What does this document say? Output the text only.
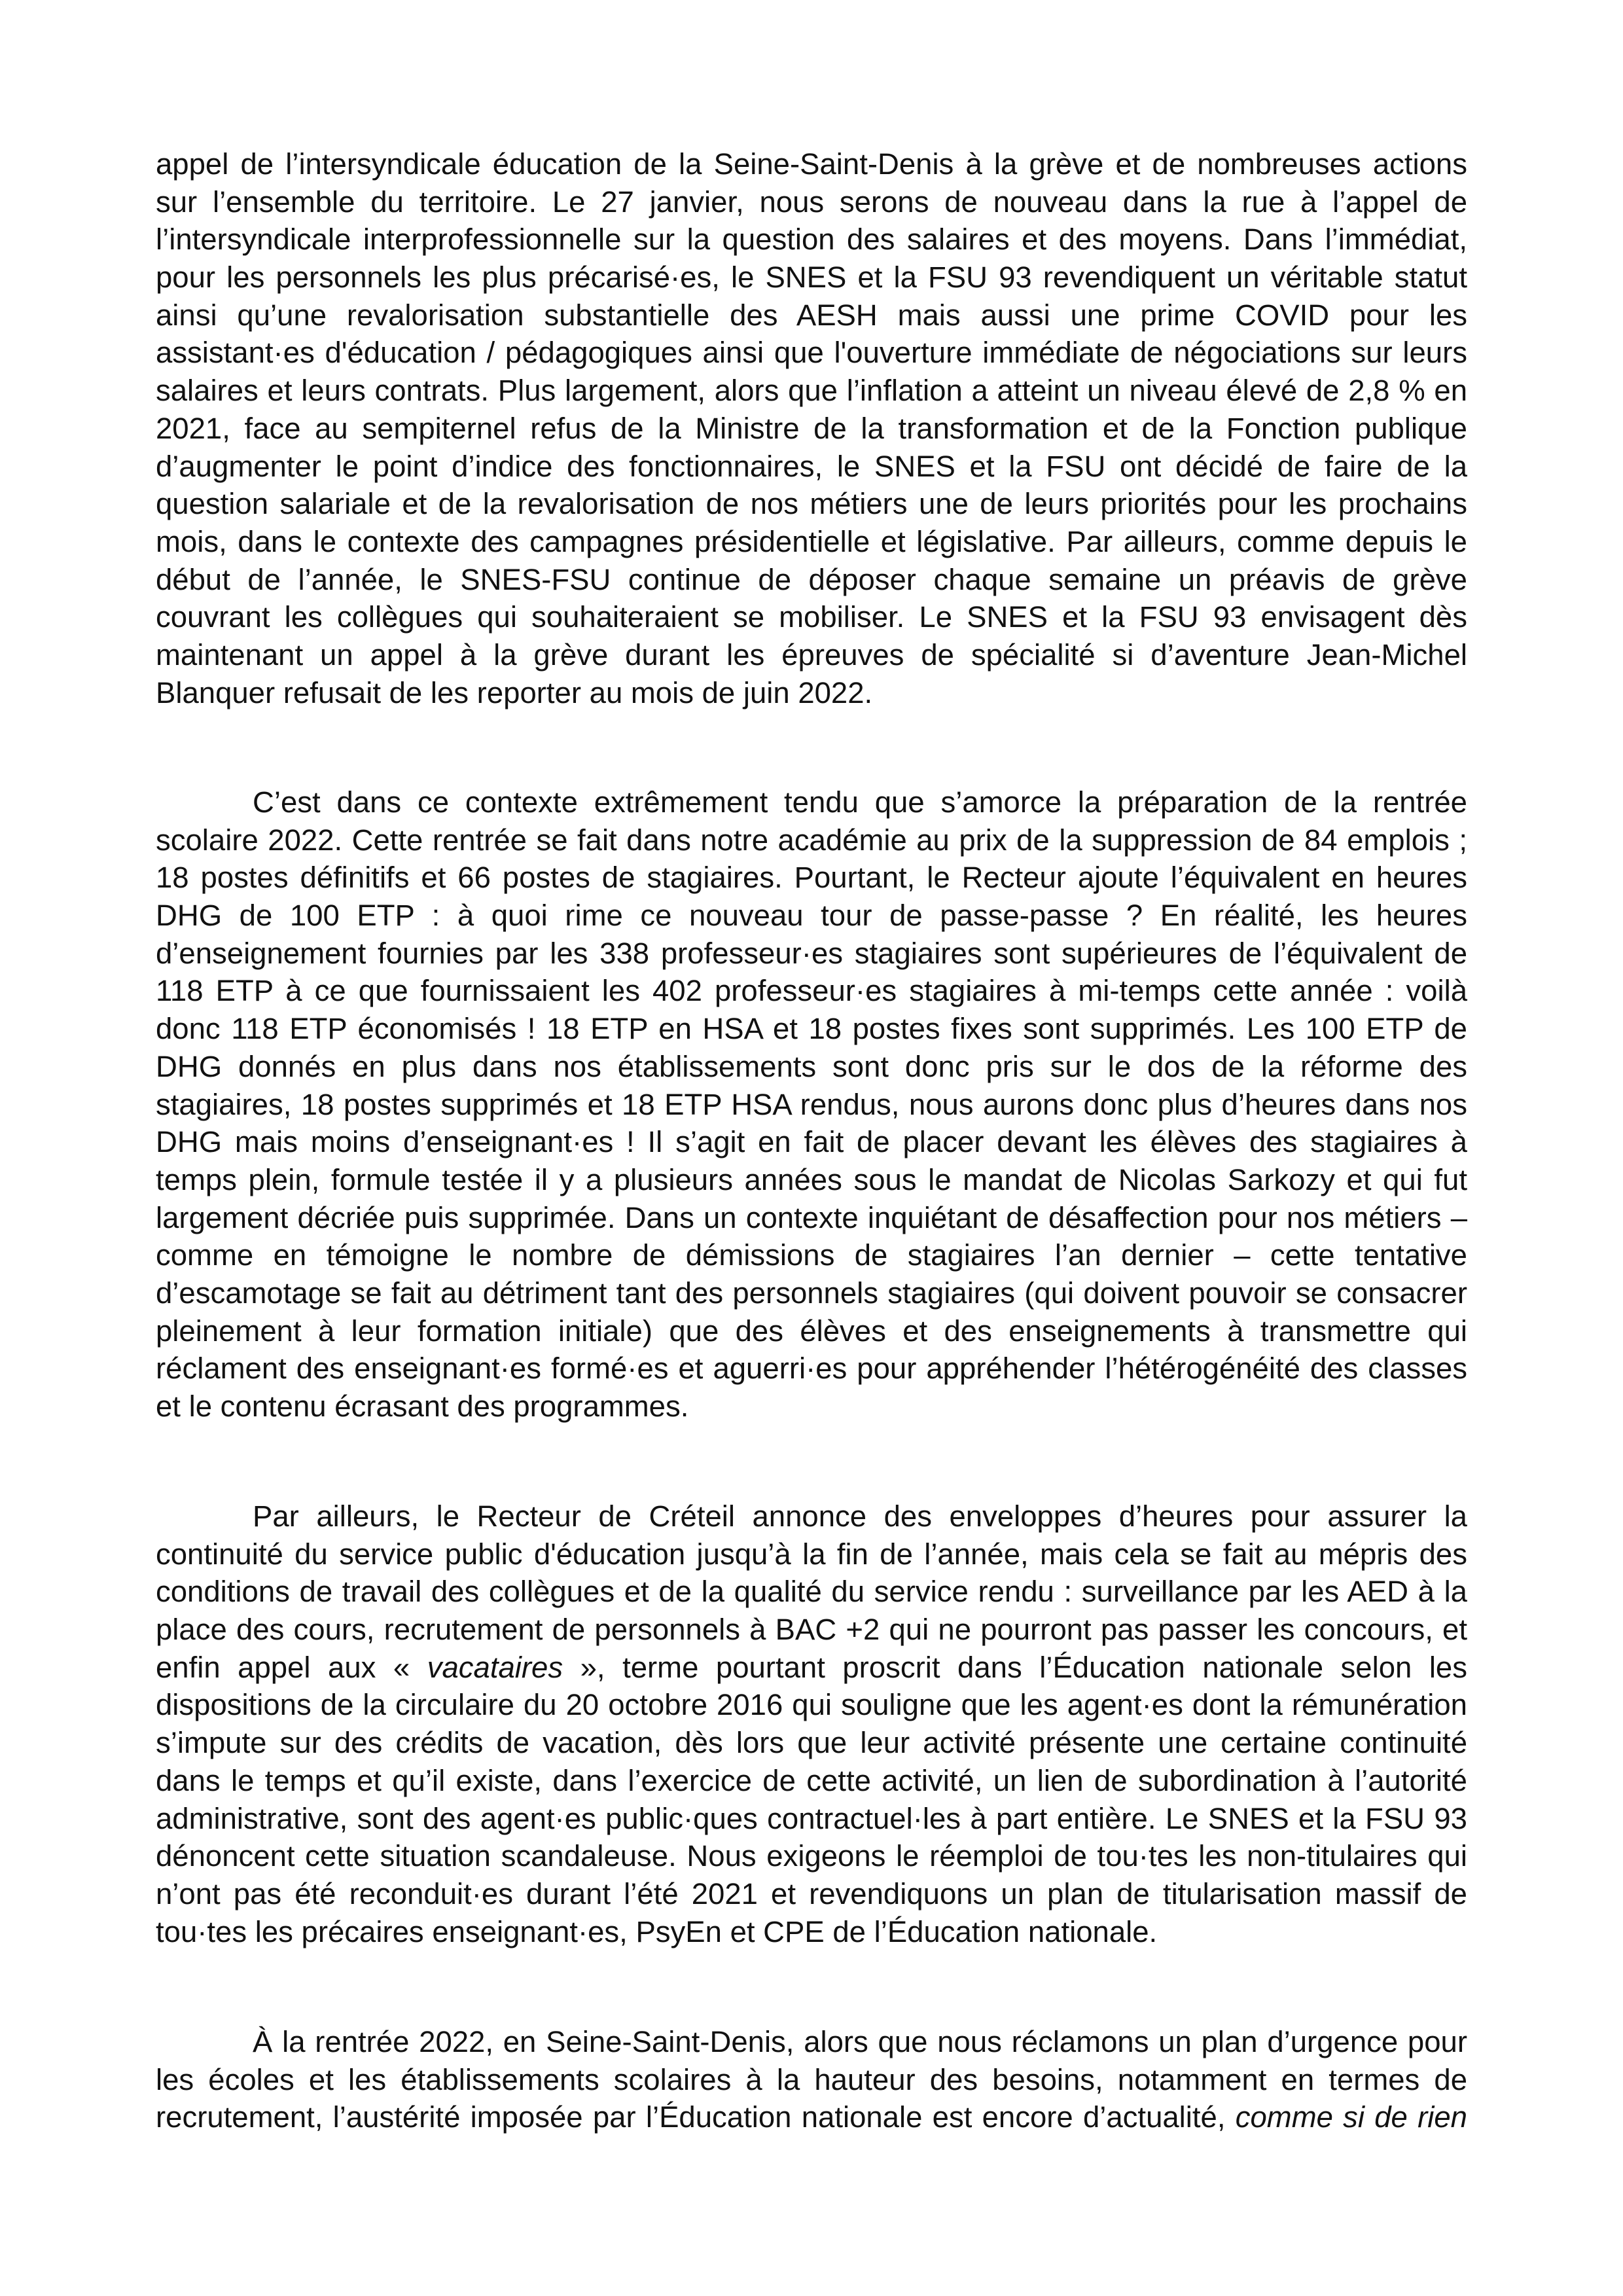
appel de l’intersyndicale éducation de la Seine-Saint-Denis à la grève et de nombreuses actions
sur l’ensemble du territoire. Le 27 janvier, nous serons de nouveau dans la rue à l’appel de
l’intersyndicale interprofessionnelle sur la question des salaires et des moyens. Dans l’immédiat,
pour les personnels les plus précarisé·es, le SNES et la FSU 93 revendiquent un véritable statut
ainsi qu’une revalorisation substantielle des AESH mais aussi une prime COVID pour les
assistant·es d'éducation / pédagogiques ainsi que l'ouverture immédiate de négociations sur leurs
salaires et leurs contrats. Plus largement, alors que l’inflation a atteint un niveau élevé de 2,8 % en
2021, face au sempiternel refus de la Ministre de la transformation et de la Fonction publique
d’augmenter le point d’indice des fonctionnaires, le SNES et la FSU ont décidé de faire de la
question salariale et de la revalorisation de nos métiers une de leurs priorités pour les prochains
mois, dans le contexte des campagnes présidentielle et législative. Par ailleurs, comme depuis le
début de l’année, le SNES-FSU continue de déposer chaque semaine un préavis de grève
couvrant les collègues qui souhaiteraient se mobiliser. Le SNES et la FSU 93 envisagent dès
maintenant un appel à la grève durant les épreuves de spécialité si d’aventure Jean-Michel
Blanquer refusait de les reporter au mois de juin 2022.
C’est dans ce contexte extrêmement tendu que s’amorce la préparation de la rentrée
scolaire 2022. Cette rentrée se fait dans notre académie au prix de la suppression de 84 emplois ;
18 postes définitifs et 66 postes de stagiaires. Pourtant, le Recteur ajoute l’équivalent en heures
DHG de 100 ETP : à quoi rime ce nouveau tour de passe-passe ? En réalité, les heures
d’enseignement fournies par les 338 professeur·es stagiaires sont supérieures de l’équivalent de
118 ETP à ce que fournissaient les 402 professeur·es stagiaires à mi-temps cette année : voilà
donc 118 ETP économisés ! 18 ETP en HSA et 18 postes fixes sont supprimés. Les 100 ETP de
DHG donnés en plus dans nos établissements sont donc pris sur le dos de la réforme des
stagiaires, 18 postes supprimés et 18 ETP HSA rendus, nous aurons donc plus d’heures dans nos
DHG mais moins d’enseignant·es ! Il s’agit en fait de placer devant les élèves des stagiaires à
temps plein, formule testée il y a plusieurs années sous le mandat de Nicolas Sarkozy et qui fut
largement décriée puis supprimée. Dans un contexte inquiétant de désaffection pour nos métiers –
comme en témoigne le nombre de démissions de stagiaires l’an dernier – cette tentative
d’escamotage se fait au détriment tant des personnels stagiaires (qui doivent pouvoir se consacrer
pleinement à leur formation initiale) que des élèves et des enseignements à transmettre qui
réclament des enseignant·es formé·es et aguerri·es pour appréhender l’hétérogénéité des classes
et le contenu écrasant des programmes.
Par ailleurs, le Recteur de Créteil annonce des enveloppes d’heures pour assurer la
continuité du service public d'éducation jusqu’à la fin de l’année, mais cela se fait au mépris des
conditions de travail des collègues et de la qualité du service rendu : surveillance par les AED à la
place des cours, recrutement de personnels à BAC +2 qui ne pourront pas passer les concours, et
enfin appel aux « vacataires », terme pourtant proscrit dans l’Éducation nationale selon les
dispositions de la circulaire du 20 octobre 2016 qui souligne que les agent·es dont la rémunération
s’impute sur des crédits de vacation, dès lors que leur activité présente une certaine continuité
dans le temps et qu’il existe, dans l’exercice de cette activité, un lien de subordination à l’autorité
administrative, sont des agent·es public·ques contractuel·les à part entière. Le SNES et la FSU 93
dénoncent cette situation scandaleuse. Nous exigeons le réemploi de tou·tes les non-titulaires qui
n’ont pas été reconduit·es durant l’été 2021 et revendiquons un plan de titularisation massif de
tou·tes les précaires enseignant·es, PsyEn et CPE de l’Éducation nationale.
À la rentrée 2022, en Seine-Saint-Denis, alors que nous réclamons un plan d’urgence pour
les écoles et les établissements scolaires à la hauteur des besoins, notamment en termes de
recrutement, l’austérité imposée par l’Éducation nationale est encore d’actualité, comme si de rien
